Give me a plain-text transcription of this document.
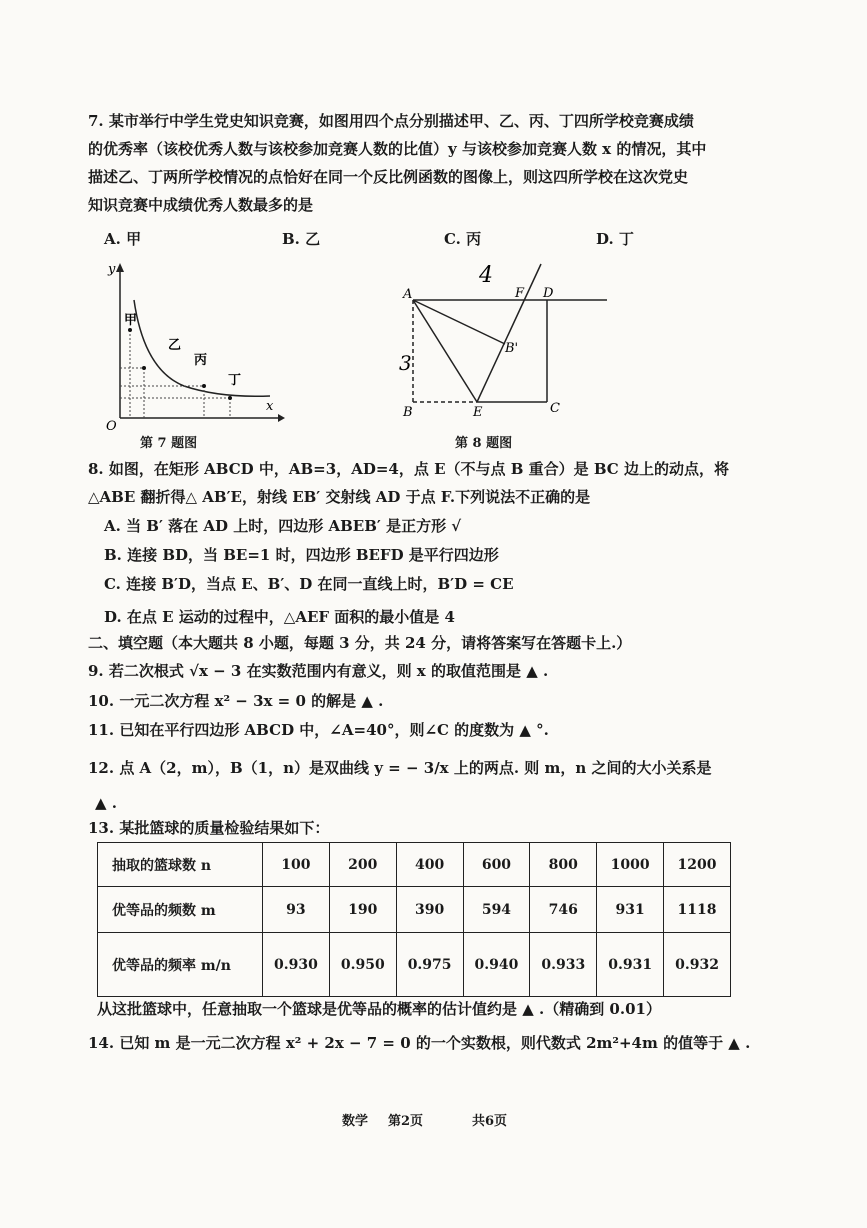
7. 某市举行中学生党史知识竞赛，如图用四个点分别描述甲、乙、丙、丁四所学校竞赛成绩
的优秀率（该校优秀人数与该校参加竞赛人数的比值）y 与该校参加竞赛人数 x 的情况，其中
描述乙、丁两所学校情况的点恰好在同一个反比例函数的图像上，则这四所学校在这次党史
知识竞赛中成绩优秀人数最多的是
A. 甲	B. 乙	C. 丙	D. 丁
y
x
O
甲
乙
丙
丁
第 7 题图
4
A	F D
B'
B	E	C
3
第 8 题图
8. 如图，在矩形 ABCD 中，AB=3，AD=4，点 E（不与点 B 重合）是 BC 边上的动点，将
△ABE 翻折得△ AB′E，射线 EB′ 交射线 AD 于点 F.下列说法不正确的是
A. 当 B′ 落在 AD 上时，四边形 ABEB′ 是正方形 √
B. 连接 BD，当 BE=1 时，四边形 BEFD 是平行四边形
C. 连接 B′D，当点 E、B′、D 在同一直线上时，B′D = CE
D. 在点 E 运动的过程中，△AEF 面积的最小值是 4
二、填空题（本大题共 8 小题，每题 3 分，共 24 分，请将答案写在答题卡上.）
9. 若二次根式 √x − 3 在实数范围内有意义，则 x 的取值范围是 ▲ .
10. 一元二次方程 x² − 3x = 0 的解是 ▲ .
11. 已知在平行四边形 ABCD 中，∠A=40°，则∠C 的度数为 ▲ °.
12. 点 A（2，m），B（1，n）是双曲线 y = − 3/x 上的两点. 则 m，n 之间的大小关系是
▲ .
13. 某批篮球的质量检验结果如下：
抽取的篮球数 n	100	200	400	600	800	1000	1200
优等品的频数 m	93	190	390	594	746	931	1118
优等品的频率 m/n	0.930	0.950	0.975	0.940	0.933	0.931	0.932
从这批篮球中，任意抽取一个篮球是优等品的概率的估计值约是 ▲ .（精确到 0.01）
14. 已知 m 是一元二次方程 x² + 2x − 7 = 0 的一个实数根，则代数式 2m²+4m 的值等于 ▲ .
数学 第2页	共6页
